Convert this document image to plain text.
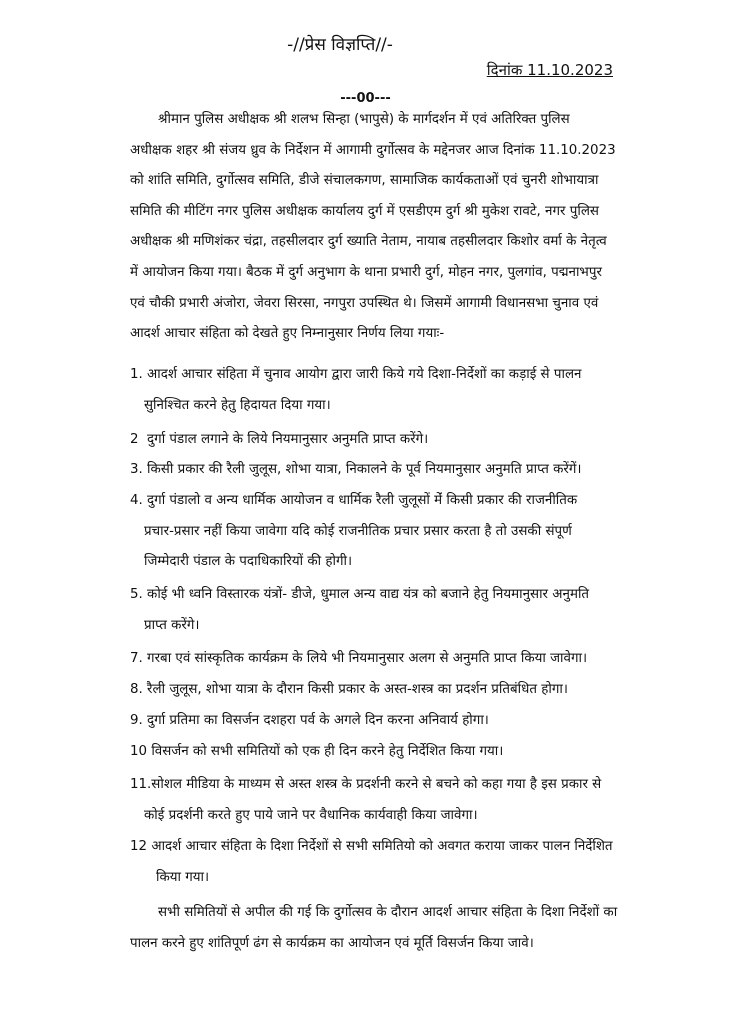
-//प्रेस विज्ञप्ति//-
दिनांक 11.10.2023
---00---
श्रीमान पुलिस अधीक्षक श्री शलभ सिन्हा (भापुसे) के मार्गदर्शन में एवं अतिरिक्त पुलिस
अधीक्षक शहर श्री संजय ध्रुव के निर्देशन में आगामी दुर्गोत्सव के मद्देनजर आज दिनांक 11.10.2023
को शांति समिति, दुर्गोत्सव समिति, डीजे संचालकगण, सामाजिक कार्यकताओं एवं चुनरी शोभायात्रा
समिति की मीटिंग नगर पुलिस अधीक्षक कार्यालय दुर्ग में एसडीएम दुर्ग श्री मुकेश रावटे, नगर पुलिस
अधीक्षक श्री मणिशंकर चंद्रा, तहसीलदार दुर्ग ख्याति नेताम, नायाब तहसीलदार किशोर वर्मा के नेतृत्व
में आयोजन किया गया। बैठक में दुर्ग अनुभाग के थाना प्रभारी दुर्ग, मोहन नगर, पुलगांव, पद्मनाभपुर
एवं चौकी प्रभारी अंजोरा, जेवरा सिरसा, नगपुरा उपस्थित थे। जिसमें आगामी विधानसभा चुनाव एवं
आदर्श आचार संहिता को देखते हुए निम्नानुसार निर्णय लिया गयाः-
1. आदर्श आचार संहिता में चुनाव आयोग द्वारा जारी किये गये दिशा-निर्देशों का कड़ाई से पालन
सुनिश्चित करने हेतु हिदायत दिया गया।
2 दुर्गा पंडाल लगाने के लिये नियमानुसार अनुमति प्राप्त करेंगे।
3. किसी प्रकार की रैली जुलूस, शोभा यात्रा, निकालने के पूर्व नियमानुसार अनुमति प्राप्त करेंगें।
4. दुर्गा पंडालो व अन्य धार्मिक आयोजन व धार्मिक रैली जुलूसों मेंं किसी प्रकार की राजनीतिक
प्रचार-प्रसार नहीं किया जावेगा यदि कोई राजनीतिक प्रचार प्रसार करता है तो उसकी संपूर्ण
जिम्मेदारी पंडाल के पदाधिकारियों की होगी।
5. कोई भी ध्वनि विस्तारक यंत्रों- डीजे, धुमाल अन्य वाद्य यंत्र को बजाने हेतु नियमानुसार अनुमति
प्राप्त करेंगे।
7. गरबा एवं सांस्कृतिक कार्यक्रम के लिये भी नियमानुसार अलग से अनुमति प्राप्त किया जावेगा।
8. रैली जुलूस, शोभा यात्रा के दौरान किसी प्रकार के अस्त-शस्त्र का प्रदर्शन प्रतिबंधित होगा।
9. दुर्गा प्रतिमा का विसर्जन दशहरा पर्व के अगले दिन करना अनिवार्य होगा।
10 विसर्जन को सभी समितियों को एक ही दिन करने हेतु निर्देशित किया गया।
11.सोशल मीडिया के माध्यम से अस्त शस्त्र के प्रदर्शनी करने से बचने को कहा गया है इस प्रकार से
कोई प्रदर्शनी करते हुए पाये जाने पर वैधानिक कार्यवाही किया जावेगा।
12 आदर्श आचार संहिता के दिशा निर्देशों से सभी समितियो को अवगत कराया जाकर पालन निर्देशित
किया गया।
सभी समितियों से अपील की गई कि दुर्गोत्सव के दौरान आदर्श आचार संहिता के दिशा निर्देशों का
पालन करने हुए शांतिपूर्ण ढंग से कार्यक्रम का आयोजन एवं मूर्ति विसर्जन किया जावे।
